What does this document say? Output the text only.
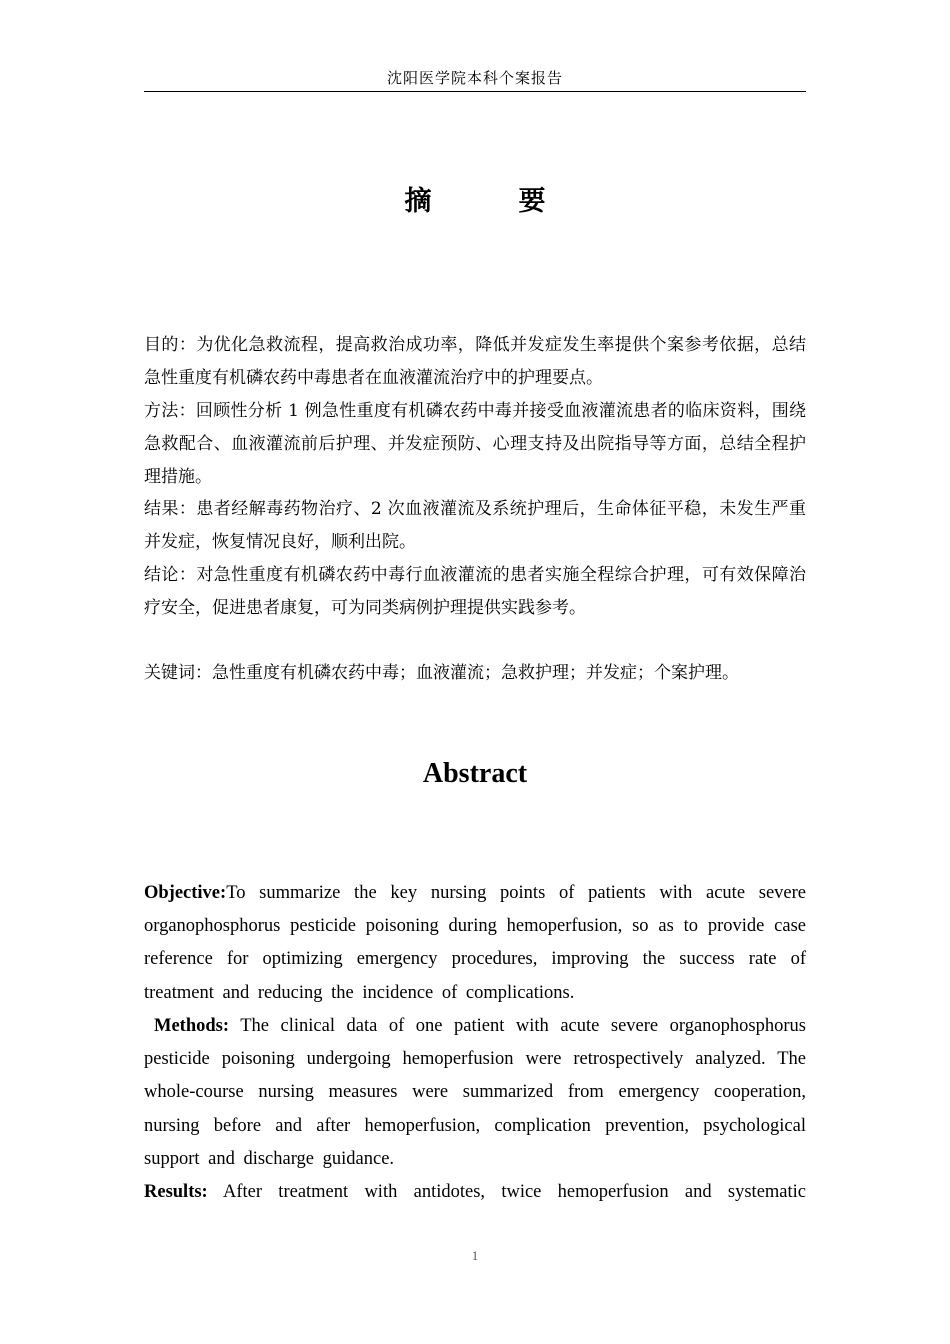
沈阳医学院本科个案报告
摘　要
目的：为优化急救流程，提高救治成功率，降低并发症发生率提供个案参考依据，总结急性重度有机磷农药中毒患者在血液灌流治疗中的护理要点。
方法：回顾性分析 1 例急性重度有机磷农药中毒并接受血液灌流患者的临床资料，围绕急救配合、血液灌流前后护理、并发症预防、心理支持及出院指导等方面，总结全程护理措施。
结果：患者经解毒药物治疗、2 次血液灌流及系统护理后，生命体征平稳，未发生严重并发症，恢复情况良好，顺利出院。
结论：对急性重度有机磷农药中毒行血液灌流的患者实施全程综合护理，可有效保障治疗安全，促进患者康复，可为同类病例护理提供实践参考。
关键词：急性重度有机磷农药中毒；血液灌流；急救护理；并发症；个案护理。
Abstract
Objective:To summarize the key nursing points of patients with acute severe organophosphorus pesticide poisoning during hemoperfusion, so as to provide case reference for optimizing emergency procedures, improving the success rate of treatment and reducing the incidence of complications.
Methods: The clinical data of one patient with acute severe organophosphorus pesticide poisoning undergoing hemoperfusion were retrospectively analyzed. The whole-course nursing measures were summarized from emergency cooperation, nursing before and after hemoperfusion, complication prevention, psychological support and discharge guidance.
Results: After treatment with antidotes, twice hemoperfusion and systematic
1
